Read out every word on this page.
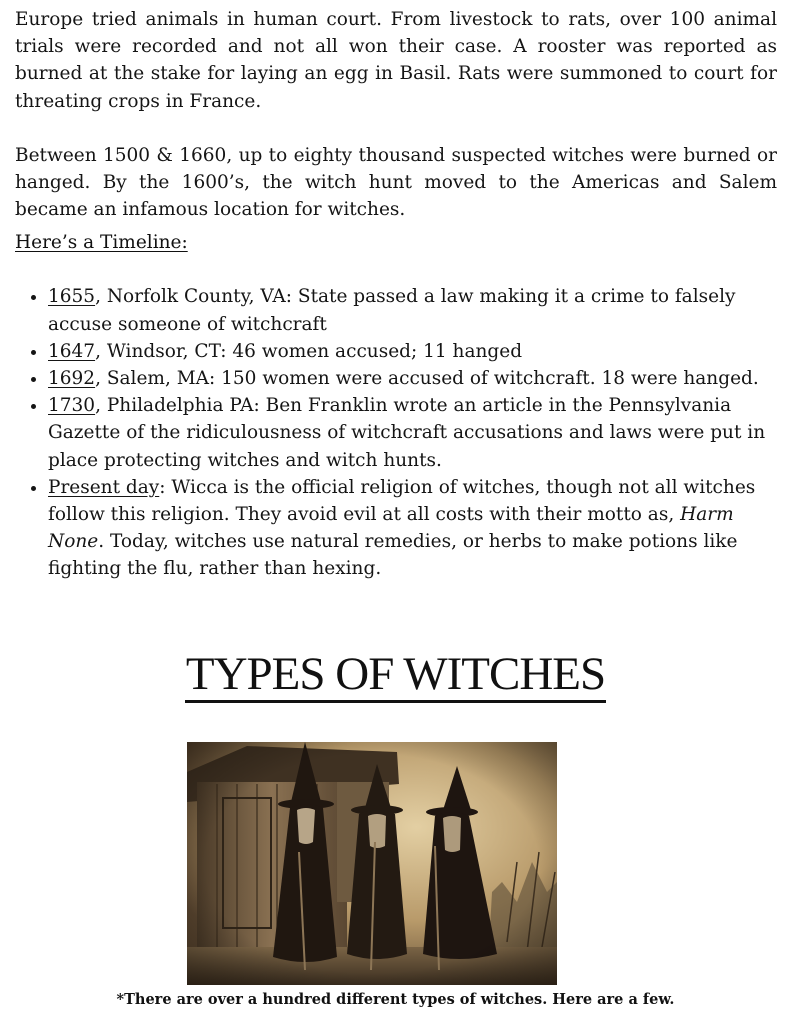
Europe tried animals in human court. From livestock to rats, over 100 animal trials were recorded and not all won their case. A rooster was reported as burned at the stake for laying an egg in Basil. Rats were summoned to court for threating crops in France.

Between 1500 & 1660, up to eighty thousand suspected witches were burned or hanged. By the 1600’s, the witch hunt moved to the Americas and Salem became an infamous location for witches.

Here’s a Timeline:
• 1655, Norfolk County, VA: State passed a law making it a crime to falsely accuse someone of witchcraft
• 1647, Windsor, CT: 46 women accused; 11 hanged
• 1692, Salem, MA: 150 women were accused of witchcraft. 18 were hanged.
• 1730, Philadelphia PA: Ben Franklin wrote an article in the Pennsylvania Gazette of the ridiculousness of witchcraft accusations and laws were put in place protecting witches and witch hunts.
• Present day: Wicca is the official religion of witches, though not all witches follow this religion. They avoid evil at all costs with their motto as, Harm None. Today, witches use natural remedies, or herbs to make potions like fighting the flu, rather than hexing.
TYPES OF WITCHES
*There are over a hundred different types of witches. Here are a few.
